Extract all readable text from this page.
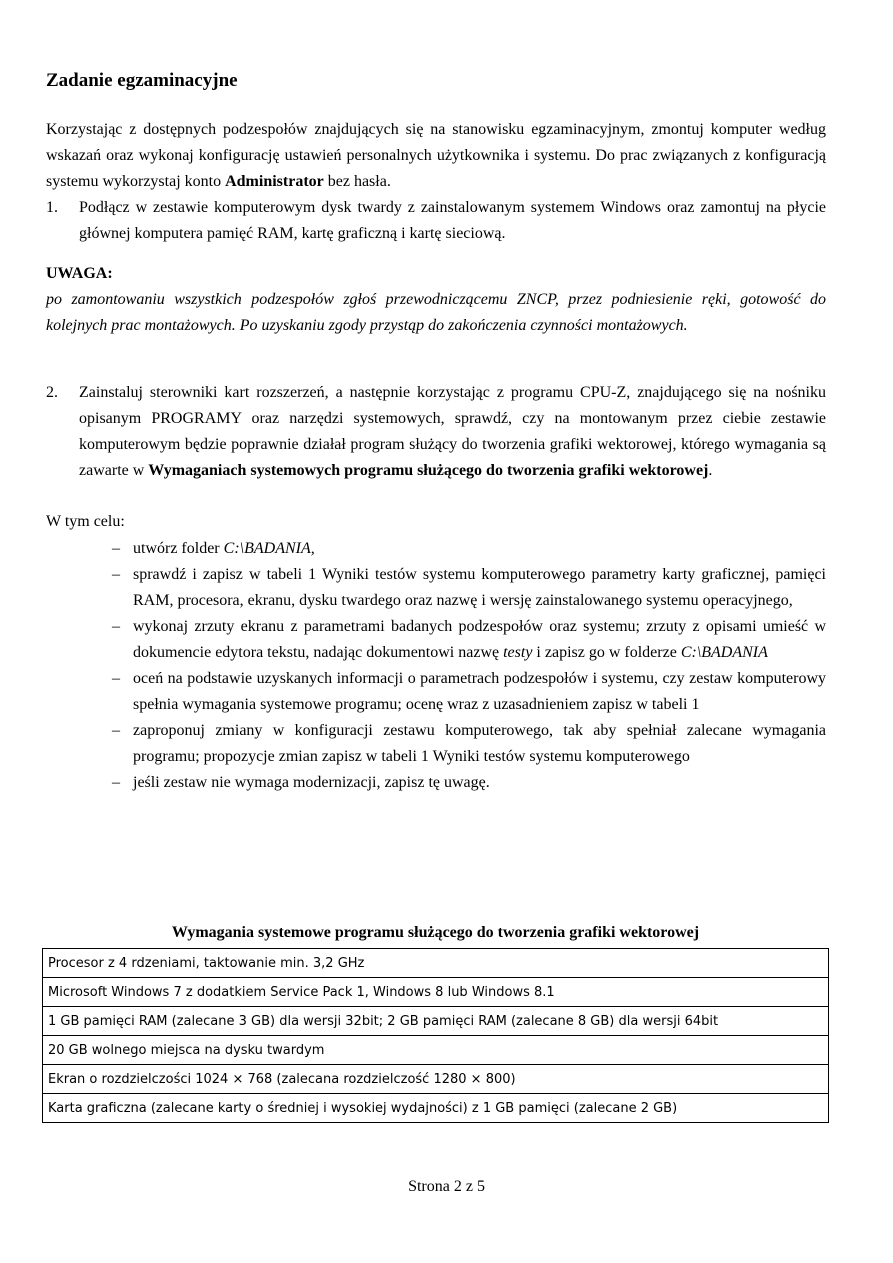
Zadanie egzaminacyjne

Korzystając z dostępnych podzespołów znajdujących się na stanowisku egzaminacyjnym, zmontuj komputer według wskazań oraz wykonaj konfigurację ustawień personalnych użytkownika i systemu. Do prac związanych z konfiguracją systemu wykorzystaj konto Administrator bez hasła.

1. Podłącz w zestawie komputerowym dysk twardy z zainstalowanym systemem Windows oraz zamontuj na płycie głównej komputera pamięć RAM, kartę graficzną i kartę sieciową.

UWAGA:

po zamontowaniu wszystkich podzespołów zgłoś przewodniczącemu ZNCP, przez podniesienie ręki, gotowość do kolejnych prac montażowych. Po uzyskaniu zgody przystąp do zakończenia czynności montażowych.

2. Zainstaluj sterowniki kart rozszerzeń, a następnie korzystając z programu CPU-Z, znajdującego się na nośniku opisanym PROGRAMY oraz narzędzi systemowych, sprawdź, czy na montowanym przez ciebie zestawie komputerowym będzie poprawnie działał program służący do tworzenia grafiki wektorowej, którego wymagania są zawarte w Wymaganiach systemowych programu służącego do tworzenia grafiki wektorowej.

W tym celu:

– utwórz folder C:\BADANIA,
– sprawdź i zapisz w tabeli 1 Wyniki testów systemu komputerowego parametry karty graficznej, pamięci RAM, procesora, ekranu, dysku twardego oraz nazwę i wersję zainstalowanego systemu operacyjnego,
– wykonaj zrzuty ekranu z parametrami badanych podzespołów oraz systemu; zrzuty z opisami umieść w dokumencie edytora tekstu, nadając dokumentowi nazwę testy i zapisz go w folderze C:\BADANIA
– oceń na podstawie uzyskanych informacji o parametrach podzespołów i systemu, czy zestaw komputerowy spełnia wymagania systemowe programu; ocenę wraz z uzasadnieniem zapisz w tabeli 1
– zaproponuj zmiany w konfiguracji zestawu komputerowego, tak aby spełniał zalecane wymagania programu; propozycje zmian zapisz w tabeli 1 Wyniki testów systemu komputerowego
– jeśli zestaw nie wymaga modernizacji, zapisz tę uwagę.

Wymagania systemowe programu służącego do tworzenia grafiki wektorowej

Procesor z 4 rdzeniami, taktowanie min. 3,2 GHz
Microsoft Windows 7 z dodatkiem Service Pack 1, Windows 8 lub Windows 8.1
1 GB pamięci RAM (zalecane 3 GB) dla wersji 32bit; 2 GB pamięci RAM (zalecane 8 GB) dla wersji 64bit
20 GB wolnego miejsca na dysku twardym
Ekran o rozdzielczości 1024 × 768 (zalecana rozdzielczość 1280 × 800)
Karta graficzna (zalecane karty o średniej i wysokiej wydajności) z 1 GB pamięci (zalecane 2 GB)

Strona 2 z 5
